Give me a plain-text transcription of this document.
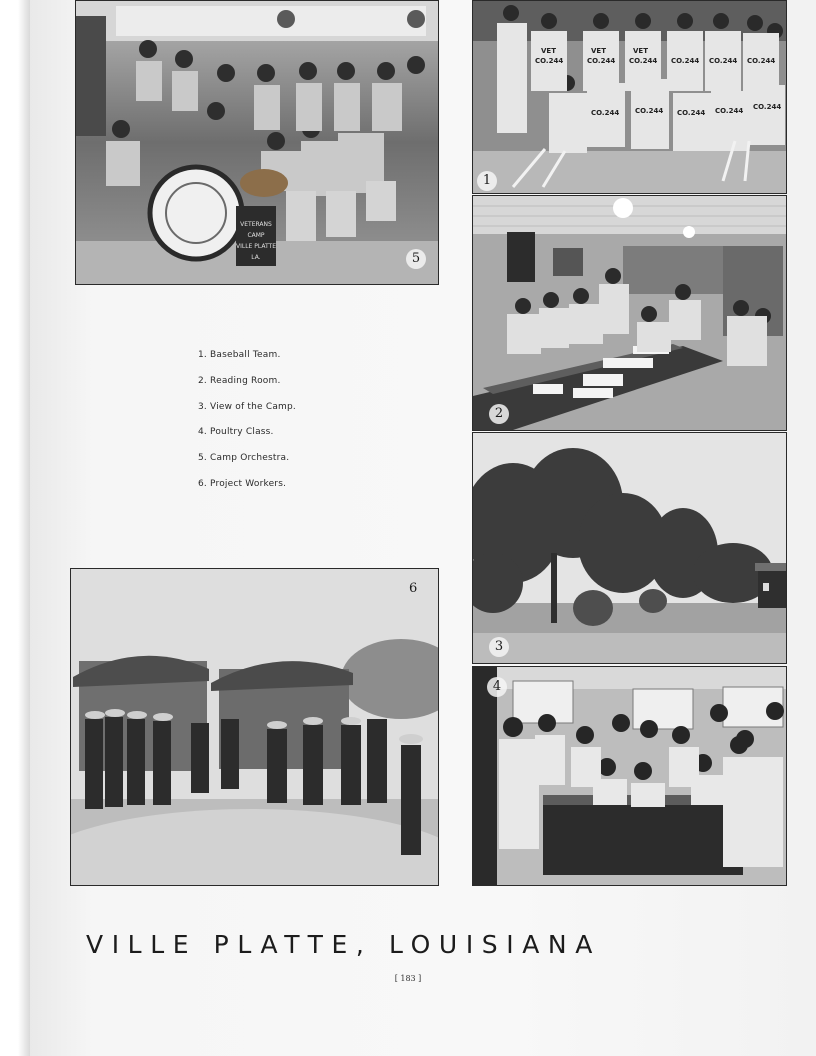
VETERANS
CAMP
VILLE PLATTE
LA.	5
VET	VET	VET
CO.244	CO.244 CO.244 CO.244 CO.244 CO.244
CO.244 CO.244 CO.244 CO.244 CO.244
1
2
1. Baseball Team.
2. Reading Room.
3. View of the Camp.
4. Poultry Class.
5. Camp Orchestra.
6. Project Workers.
3
6
4
VILLE PLATTE, LOUISIANA
[ 183 ]
